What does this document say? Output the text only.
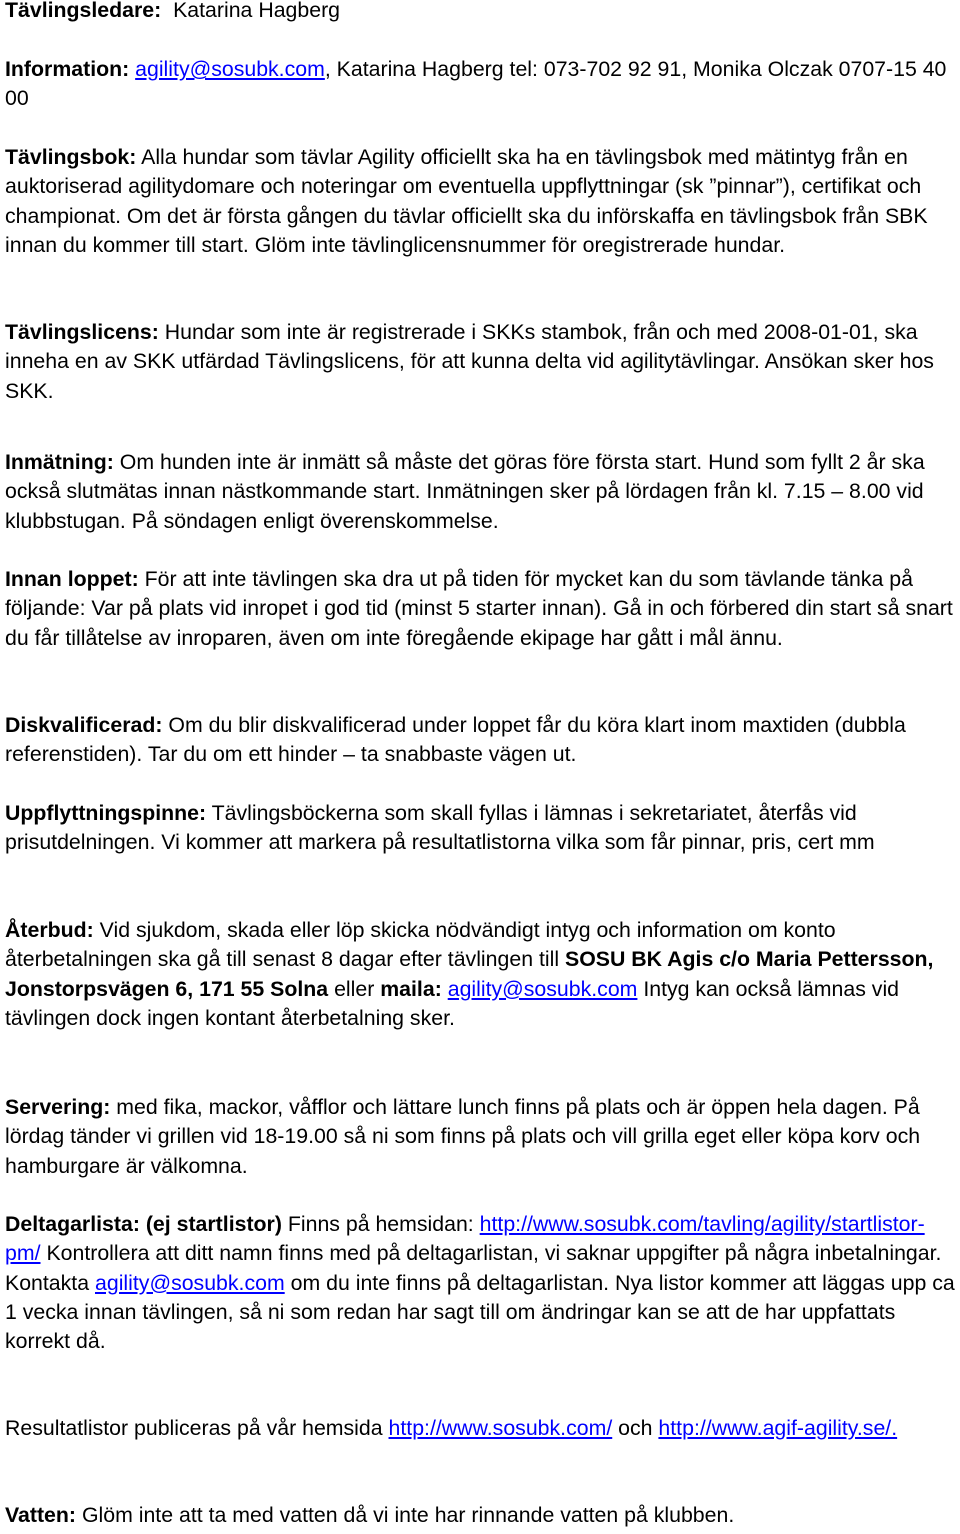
Tävlingsledare: Katarina Hagberg

Information: agility@sosubk.com, Katarina Hagberg tel: 073-702 92 91, Monika Olczak 0707-15 40 00

Tävlingsbok: Alla hundar som tävlar Agility officiellt ska ha en tävlingsbok med mätintyg från en auktoriserad agilitydomare och noteringar om eventuella uppflyttningar (sk ”pinnar”), certifikat och championat. Om det är första gången du tävlar officiellt ska du införskaffa en tävlingsbok från SBK innan du kommer till start. Glöm inte tävlinglicensnummer för oregistrerade hundar.

Tävlingslicens: Hundar som inte är registrerade i SKKs stambok, från och med 2008-01-01, ska inneha en av SKK utfärdad Tävlingslicens, för att kunna delta vid agilitytävlingar. Ansökan sker hos SKK.

Inmätning: Om hunden inte är inmätt så måste det göras före första start. Hund som fyllt 2 år ska också slutmätas innan nästkommande start. Inmätningen sker på lördagen från kl. 7.15 – 8.00 vid klubbstugan. På söndagen enligt överenskommelse.

Innan loppet: För att inte tävlingen ska dra ut på tiden för mycket kan du som tävlande tänka på följande: Var på plats vid inropet i god tid (minst 5 starter innan). Gå in och förbered din start så snart du får tillåtelse av inroparen, även om inte föregående ekipage har gått i mål ännu.

Diskvalificerad: Om du blir diskvalificerad under loppet får du köra klart inom maxtiden (dubbla referenstiden). Tar du om ett hinder – ta snabbaste vägen ut.

Uppflyttningspinne: Tävlingsböckerna som skall fyllas i lämnas i sekretariatet, återfås vid prisutdelningen. Vi kommer att markera på resultatlistorna vilka som får pinnar, pris, cert mm

Återbud: Vid sjukdom, skada eller löp skicka nödvändigt intyg och information om konto återbetalningen ska gå till senast 8 dagar efter tävlingen till SOSU BK Agis c/o Maria Pettersson, Jonstorpsvägen 6, 171 55 Solna eller maila: agility@sosubk.com Intyg kan också lämnas vid tävlingen dock ingen kontant återbetalning sker.

Servering: med fika, mackor, våfflor och lättare lunch finns på plats och är öppen hela dagen. På lördag tänder vi grillen vid 18-19.00 så ni som finns på plats och vill grilla eget eller köpa korv och hamburgare är välkomna.

Deltagarlista: (ej startlistor) Finns på hemsidan: http://www.sosubk.com/tavling/agility/startlistor-pm/ Kontrollera att ditt namn finns med på deltagarlistan, vi saknar uppgifter på några inbetalningar. Kontakta agility@sosubk.com om du inte finns på deltagarlistan. Nya listor kommer att läggas upp ca 1 vecka innan tävlingen, så ni som redan har sagt till om ändringar kan se att de har uppfattats korrekt då.

Resultatlistor publiceras på vår hemsida http://www.sosubk.com/ och http://www.agif-agility.se/.

Vatten: Glöm inte att ta med vatten då vi inte har rinnande vatten på klubben.
